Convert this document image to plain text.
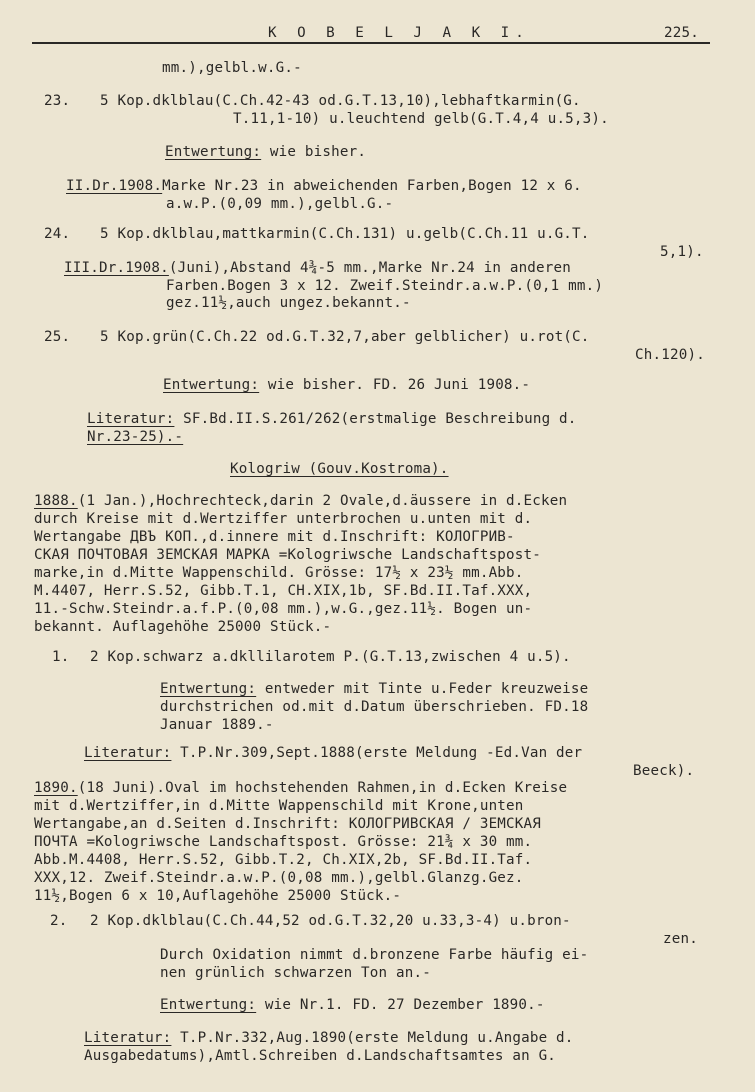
K O B E L J A K I.	225.
mm.),gelbl.w.G.-
23. 5 Kop.dklblau(C.Ch.42-43 od.G.T.13,10),lebhaftkarmin(G.
T.11,1-10) u.leuchtend gelb(G.T.4,4 u.5,3).
Entwertung: wie bisher.
II.Dr.1908.Marke Nr.23 in abweichenden Farben,Bogen 12 x 6.
a.w.P.(0,09 mm.),gelbl.G.-
24. 5 Kop.dklblau,mattkarmin(C.Ch.131) u.gelb(C.Ch.11 u.G.T.
5,1).
III.Dr.1908.(Juni),Abstand 4¾-5 mm.,Marke Nr.24 in anderen
Farben.Bogen 3 x 12. Zweif.Steindr.a.w.P.(0,1 mm.)
gez.11½,auch ungez.bekannt.-
25. 5 Kop.grün(C.Ch.22 od.G.T.32,7,aber gelblicher) u.rot(C.
Ch.120).
Entwertung: wie bisher. FD. 26 Juni 1908.-
Literatur: SF.Bd.II.S.261/262(erstmalige Beschreibung d.
Nr.23-25).-
Kologriw (Gouv.Kostroma).
1888.(1 Jan.),Hochrechteck,darin 2 Ovale,d.äussere in d.Ecken
durch Kreise mit d.Wertziffer unterbrochen u.unten mit d.
Wertangabe ДВЪ КОП.,d.innere mit d.Inschrift: КОЛОГРИВ-
СКАЯ ПОЧТОВАЯ ЗЕМСКАЯ МАРКА =Kologriwsche Landschaftspost-
marke,in d.Mitte Wappenschild. Grösse: 17½ x 23½ mm.Abb.
M.4407, Herr.S.52, Gibb.T.1, CH.XIX,1b, SF.Bd.II.Taf.XXX,
11.-Schw.Steindr.a.f.P.(0,08 mm.),w.G.,gez.11½. Bogen un-
bekannt. Auflagehöhe 25000 Stück.-
1. 2 Kop.schwarz a.dkllilarotem P.(G.T.13,zwischen 4 u.5).
Entwertung: entweder mit Tinte u.Feder kreuzweise
durchstrichen od.mit d.Datum überschrieben. FD.18
Januar 1889.-
Literatur: T.P.Nr.309,Sept.1888(erste Meldung -Ed.Van der
Beeck).
1890.(18 Juni).Oval im hochstehenden Rahmen,in d.Ecken Kreise
mit d.Wertziffer,in d.Mitte Wappenschild mit Krone,unten
Wertangabe,an d.Seiten d.Inschrift: КОЛОГРИВСКАЯ / ЗЕМСКАЯ
ПОЧТА =Kologriwsche Landschaftspost. Grösse: 21¾ x 30 mm.
Abb.M.4408, Herr.S.52, Gibb.T.2, Ch.XIX,2b, SF.Bd.II.Taf.
XXX,12. Zweif.Steindr.a.w.P.(0,08 mm.),gelbl.Glanzg.Gez.
11½,Bogen 6 x 10,Auflagehöhe 25000 Stück.-
2. 2 Kop.dklblau(C.Ch.44,52 od.G.T.32,20 u.33,3-4) u.bron-
zen.
Durch Oxidation nimmt d.bronzene Farbe häufig ei-
nen grünlich schwarzen Ton an.-
Entwertung: wie Nr.1. FD. 27 Dezember 1890.-
Literatur: T.P.Nr.332,Aug.1890(erste Meldung u.Angabe d.
Ausgabedatums),Amtl.Schreiben d.Landschaftsamtes an G.
